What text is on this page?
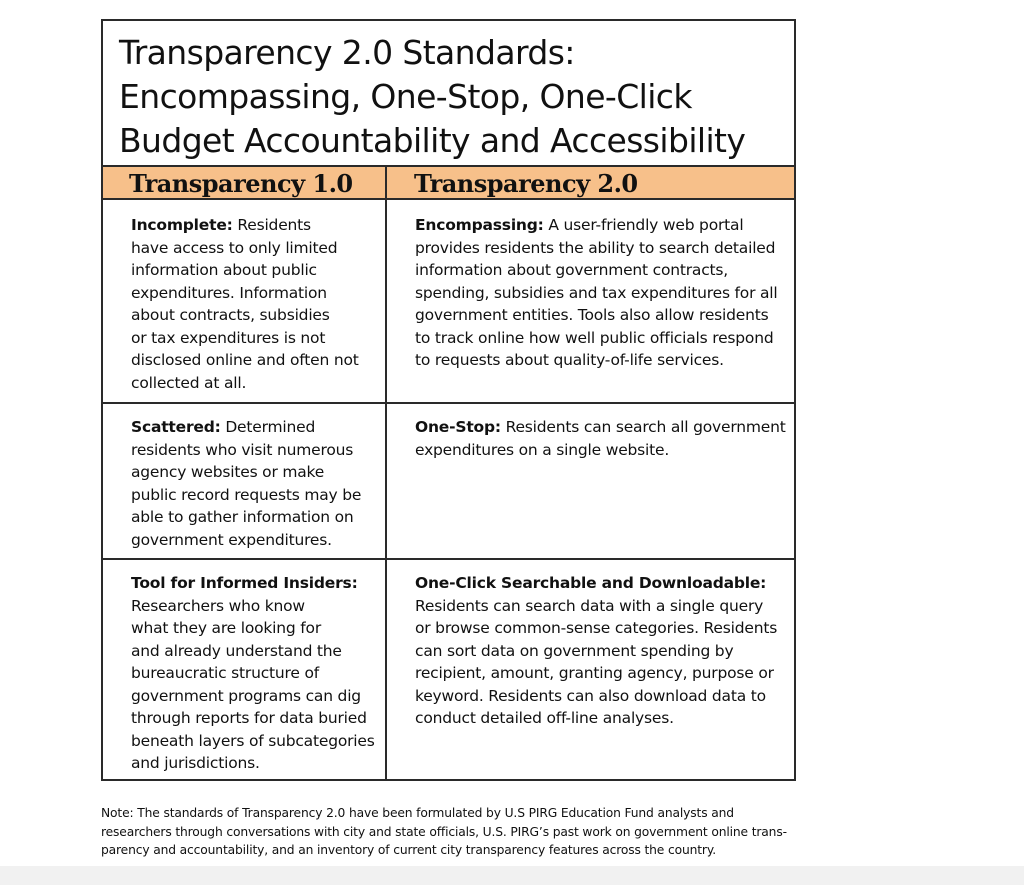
Transparency 2.0 Standards:
Encompassing, One-Stop, One-Click
Budget Accountability and Accessibility
Transparency 1.0	Transparency 2.0
Incomplete: Residents
have access to only limited
information about public
expenditures. Information
about contracts, subsidies
or tax expenditures is not
disclosed online and often not
collected at all.
Encompassing: A user-friendly web portal
provides residents the ability to search detailed
information about government contracts,
spending, subsidies and tax expenditures for all
government entities. Tools also allow residents
to track online how well public officials respond
to requests about quality-of-life services.
Scattered: Determined
residents who visit numerous
agency websites or make
public record requests may be
able to gather information on
government expenditures.
One-Stop: Residents can search all government
expenditures on a single website.
Tool for Informed Insiders:
Researchers who know
what they are looking for
and already understand the
bureaucratic structure of
government programs can dig
through reports for data buried
beneath layers of subcategories
and jurisdictions.
One-Click Searchable and Downloadable:
Residents can search data with a single query
or browse common-sense categories. Residents
can sort data on government spending by
recipient, amount, granting agency, purpose or
keyword. Residents can also download data to
conduct detailed off-line analyses.
Note: The standards of Transparency 2.0 have been formulated by U.S PIRG Education Fund analysts and
researchers through conversations with city and state officials, U.S. PIRG’s past work on government online trans-
parency and accountability, and an inventory of current city transparency features across the country.
